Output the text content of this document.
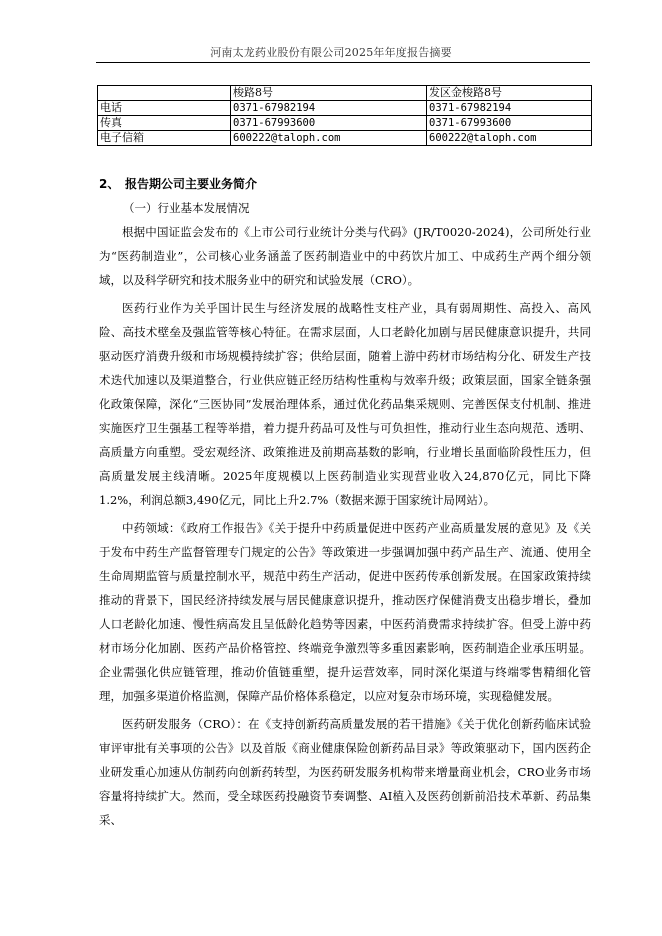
河南太龙药业股份有限公司2025年年度报告摘要
	梭路8号	发区金梭路8号
电话	0371-67982194	0371-67982194
传真	0371-67993600	0371-67993600
电子信箱	600222@taloph.com	600222@taloph.com
2、 报告期公司主要业务简介
（一）行业基本发展情况

根据中国证监会发布的《上市公司行业统计分类与代码》(JR/T0020-2024)，公司所处行业为“医药制造业”，公司核心业务涵盖了医药制造业中的中药饮片加工、中成药生产两个细分领域，以及科学研究和技术服务业中的研究和试验发展（CRO）。

医药行业作为关乎国计民生与经济发展的战略性支柱产业，具有弱周期性、高投入、高风险、高技术壁垒及强监管等核心特征。在需求层面，人口老龄化加剧与居民健康意识提升，共同驱动医疗消费升级和市场规模持续扩容；供给层面，随着上游中药材市场结构分化、研发生产技术迭代加速以及渠道整合，行业供应链正经历结构性重构与效率升级；政策层面，国家全链条强化政策保障，深化“三医协同”发展治理体系，通过优化药品集采规则、完善医保支付机制、推进实施医疗卫生强基工程等举措，着力提升药品可及性与可负担性，推动行业生态向规范、透明、高质量方向重塑。受宏观经济、政策推进及前期高基数的影响，行业增长虽面临阶段性压力，但高质量发展主线清晰。2025年度规模以上医药制造业实现营业收入24,870亿元，同比下降1.2%，利润总额3,490亿元，同比上升2.7%（数据来源于国家统计局网站）。

中药领域：《政府工作报告》《关于提升中药质量促进中医药产业高质量发展的意见》及《关于发布中药生产监督管理专门规定的公告》等政策进一步强调加强中药产品生产、流通、使用全生命周期监管与质量控制水平，规范中药生产活动，促进中医药传承创新发展。在国家政策持续推动的背景下，国民经济持续发展与居民健康意识提升，推动医疗保健消费支出稳步增长，叠加人口老龄化加速、慢性病高发且呈低龄化趋势等因素，中医药消费需求持续扩容。但受上游中药材市场分化加剧、医药产品价格管控、终端竞争激烈等多重因素影响，医药制造企业承压明显。企业需强化供应链管理，推动价值链重塑，提升运营效率，同时深化渠道与终端零售精细化管理，加强多渠道价格监测，保障产品价格体系稳定，以应对复杂市场环境，实现稳健发展。

医药研发服务（CRO）：在《支持创新药高质量发展的若干措施》《关于优化创新药临床试验审评审批有关事项的公告》以及首版《商业健康保险创新药品目录》等政策驱动下，国内医药企业研发重心加速从仿制药向创新药转型，为医药研发服务机构带来增量商业机会，CRO业务市场容量将持续扩大。然而，受全球医药投融资节奏调整、AI植入及医药创新前沿技术革新、药品集采、
